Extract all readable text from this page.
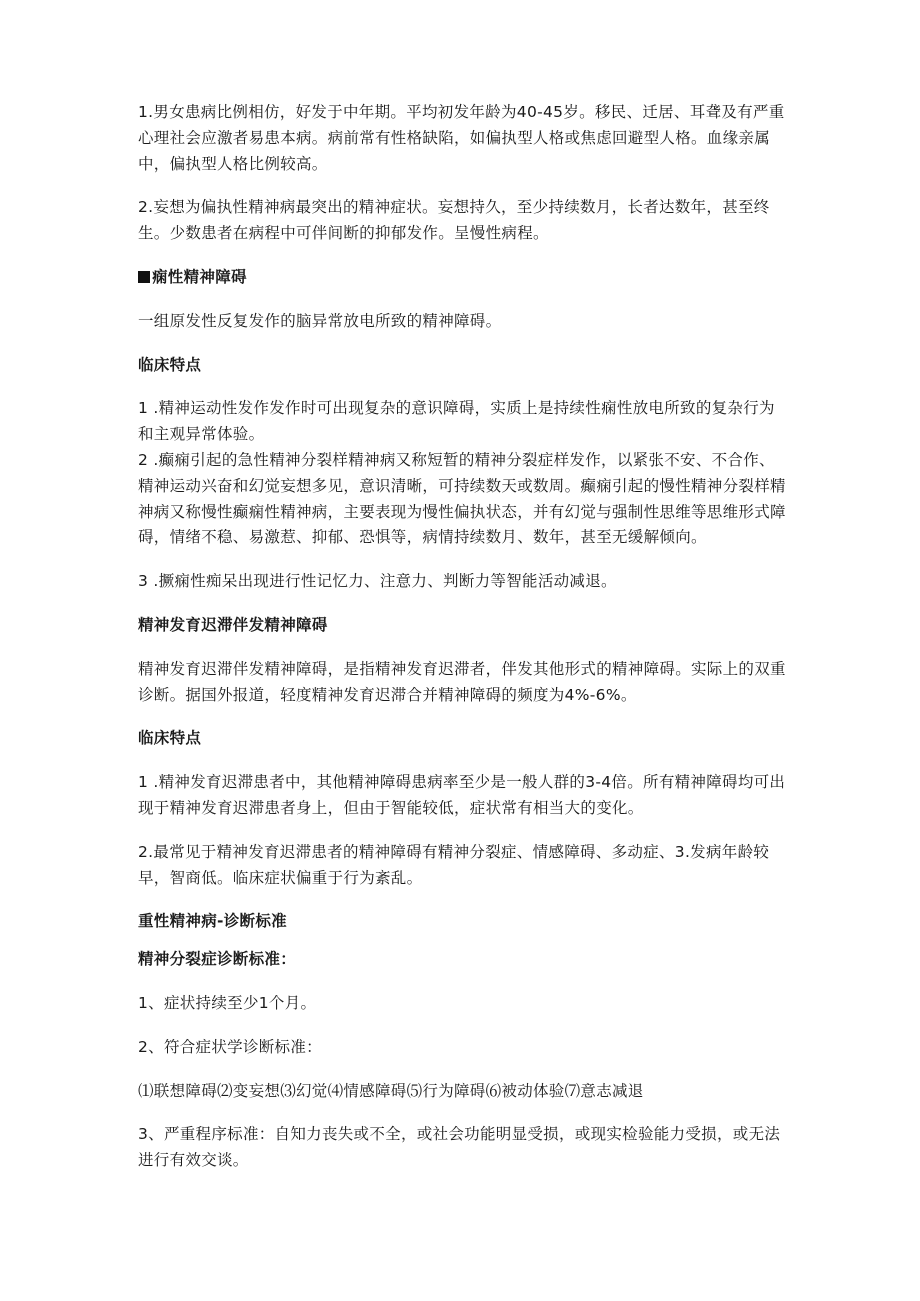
1.男女患病比例相仿，好发于中年期。平均初发年龄为40-45岁。移民、迁居、耳聋及有严重心理社会应激者易患本病。病前常有性格缺陷，如偏执型人格或焦虑回避型人格。血缘亲属中，偏执型人格比例较高。

2.妄想为偏执性精神病最突出的精神症状。妄想持久，至少持续数月，长者达数年，甚至终生。少数患者在病程中可伴间断的抑郁发作。呈慢性病程。

痫性精神障碍

一组原发性反复发作的脑异常放电所致的精神障碍。

临床特点

1 .精神运动性发作发作时可出现复杂的意识障碍，实质上是持续性痫性放电所致的复杂行为和主观异常体验。

2 .癫痫引起的急性精神分裂样精神病又称短暂的精神分裂症样发作，以紧张不安、不合作、精神运动兴奋和幻觉妄想多见，意识清晰，可持续数天或数周。癫痫引起的慢性精神分裂样精神病又称慢性癫痫性精神病，主要表现为慢性偏执状态，并有幻觉与强制性思维等思维形式障碍，情绪不稳、易激惹、抑郁、恐惧等，病情持续数月、数年，甚至无缓解倾向。

3 .撅痫性痴呆出现进行性记忆力、注意力、判断力等智能活动减退。

精神发育迟滞伴发精神障碍

精神发育迟滞伴发精神障碍，是指精神发育迟滞者，伴发其他形式的精神障碍。实际上的双重诊断。据国外报道，轻度精神发育迟滞合并精神障碍的频度为4%-6%。

临床特点

1 .精神发育迟滞患者中，其他精神障碍患病率至少是一般人群的3-4倍。所有精神障碍均可出现于精神发育迟滞患者身上，但由于智能较低，症状常有相当大的变化。

2.最常见于精神发育迟滞患者的精神障碍有精神分裂症、情感障碍、多动症、3.发病年龄较早，智商低。临床症状偏重于行为紊乱。

重性精神病-诊断标准
精神分裂症诊断标准：

1、症状持续至少1个月。

2、符合症状学诊断标准：

⑴联想障碍⑵变妄想⑶幻觉⑷情感障碍⑸行为障碍⑹被动体验⑺意志减退

3、严重程序标准：自知力丧失或不全，或社会功能明显受损，或现实检验能力受损，或无法进行有效交谈。
